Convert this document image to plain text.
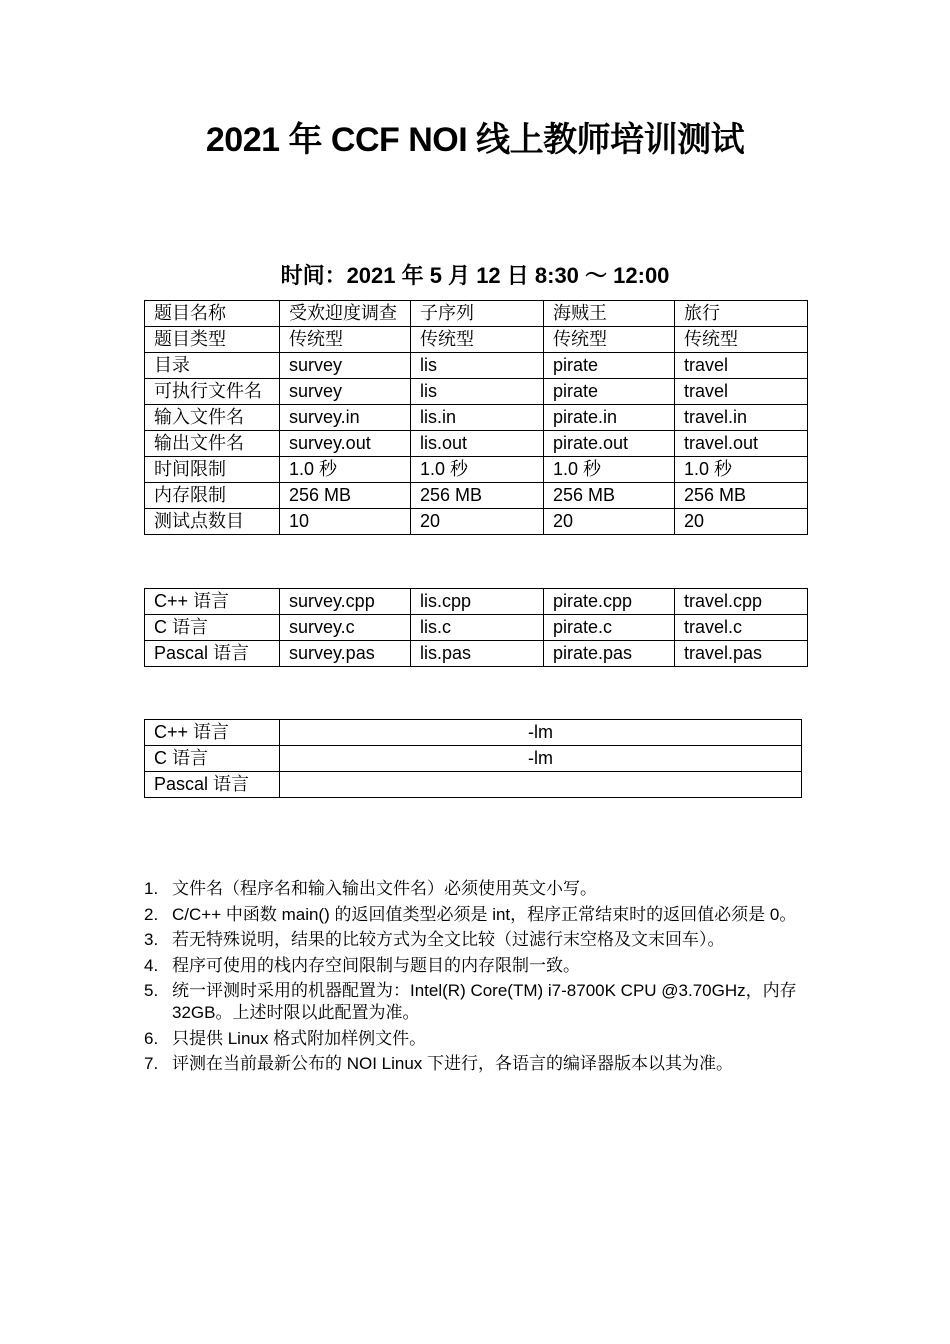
2021 年 CCF NOI 线上教师培训测试
时间：2021 年 5 月 12 日 8:30 ～ 12:00
题目名称	受欢迎度调查	子序列	海贼王	旅行
题目类型	传统型	传统型	传统型	传统型
目录	survey	lis	pirate	travel
可执行文件名	survey	lis	pirate	travel
输入文件名	survey.in	lis.in	pirate.in	travel.in
输出文件名	survey.out	lis.out	pirate.out	travel.out
时间限制	1.0 秒	1.0 秒	1.0 秒	1.0 秒
内存限制	256 MB	256 MB	256 MB	256 MB
测试点数目	10	20	20	20
C++ 语言	survey.cpp	lis.cpp	pirate.cpp	travel.cpp
C 语言	survey.c	lis.c	pirate.c	travel.c
Pascal 语言	survey.pas	lis.pas	pirate.pas	travel.pas
C++ 语言	-lm
C 语言	-lm
Pascal 语言	
1. 文件名（程序名和输入输出文件名）必须使用英文小写。
2. C/C++ 中函数 main() 的返回值类型必须是 int，程序正常结束时的返回值必须是 0。
3. 若无特殊说明，结果的比较方式为全文比较（过滤行末空格及文末回车）。
4. 程序可使用的栈内存空间限制与题目的内存限制一致。
5. 统一评测时采用的机器配置为：Intel(R) Core(TM) i7-8700K CPU @3.70GHz，内存 32GB。上述时限以此配置为准。
6. 只提供 Linux 格式附加样例文件。
7. 评测在当前最新公布的 NOI Linux 下进行，各语言的编译器版本以其为准。
